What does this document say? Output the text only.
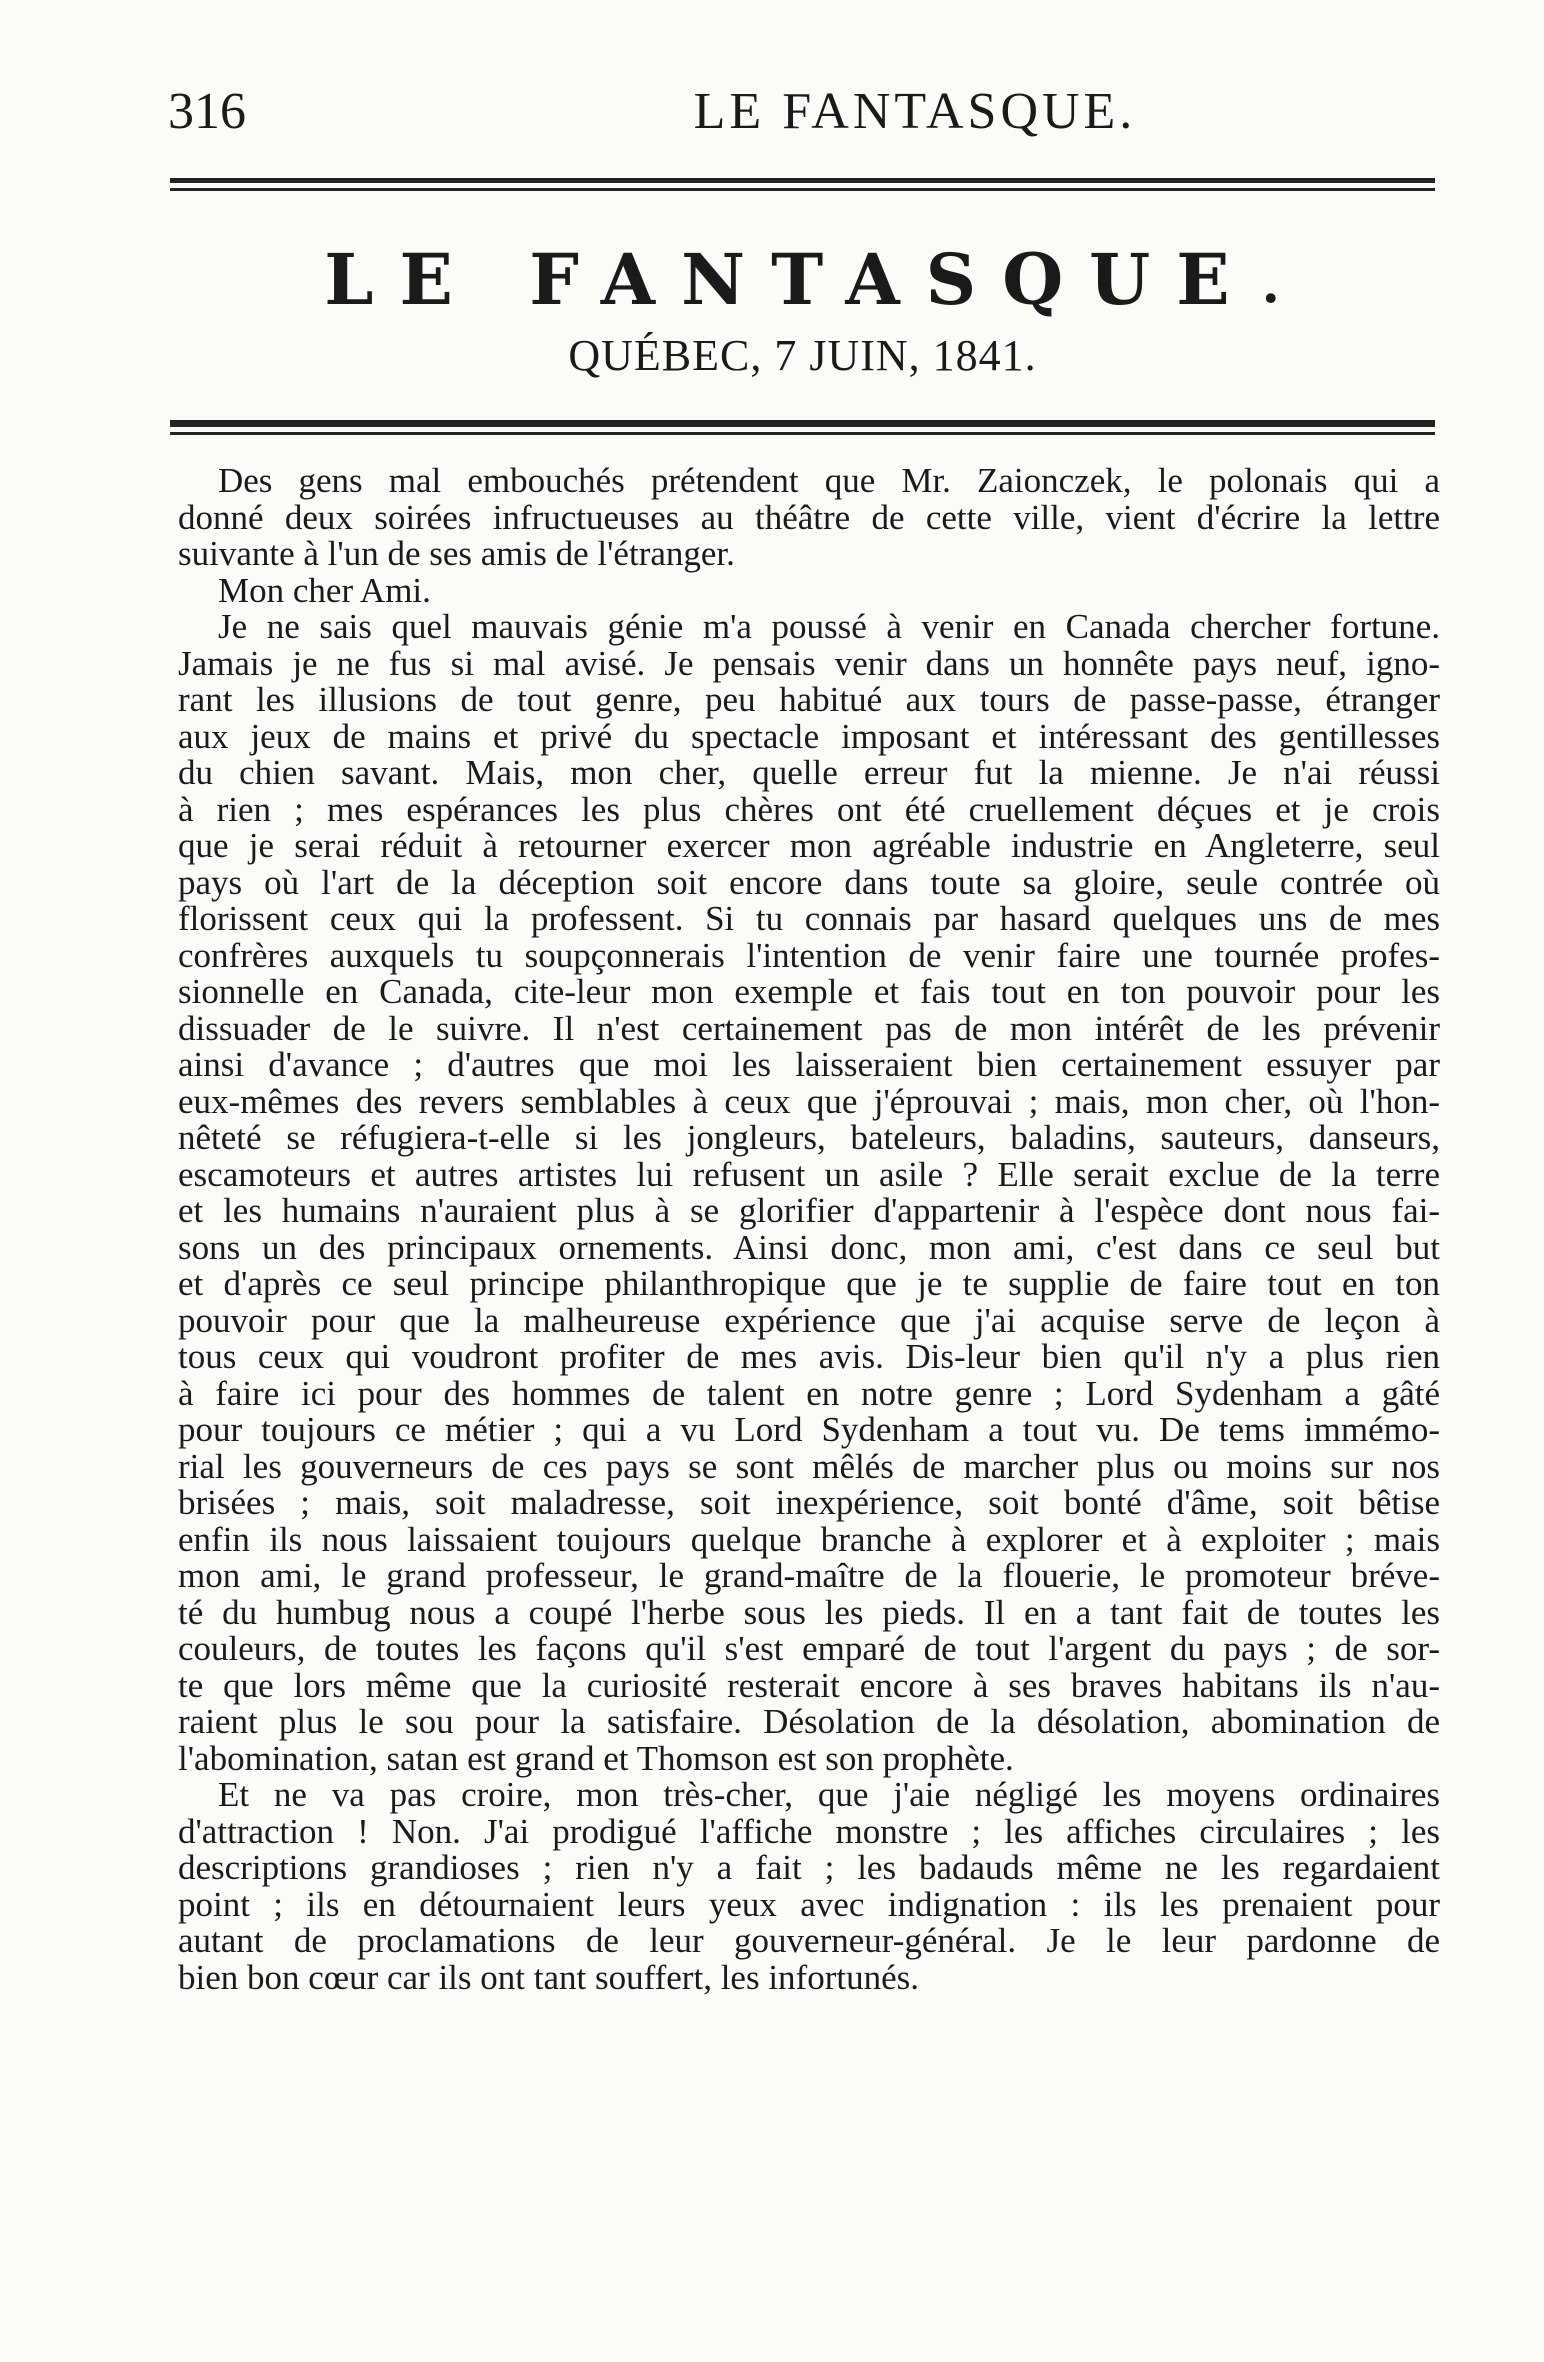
316	LE FANTASQUE.
LE FANTASQUE •
QUÉBEC, 7 JUIN, 1841.
Des gens mal embouchés prétendent que Mr. Zaionczek, le polonais qui a
donné deux soirées infructueuses au théâtre de cette ville, vient d'écrire la lettre
suivante à l'un de ses amis de l'étranger.
Mon cher Ami.
Je ne sais quel mauvais génie m'a poussé à venir en Canada chercher fortune.
Jamais je ne fus si mal avisé. Je pensais venir dans un honnête pays neuf, igno-
rant les illusions de tout genre, peu habitué aux tours de passe-passe, étranger
aux jeux de mains et privé du spectacle imposant et intéressant des gentillesses
du chien savant. Mais, mon cher, quelle erreur fut la mienne. Je n'ai réussi
à rien ; mes espérances les plus chères ont été cruellement déçues et je crois
que je serai réduit à retourner exercer mon agréable industrie en Angleterre, seul
pays où l'art de la déception soit encore dans toute sa gloire, seule contrée où
florissent ceux qui la professent. Si tu connais par hasard quelques uns de mes
confrères auxquels tu soupçonnerais l'intention de venir faire une tournée profes-
sionnelle en Canada, cite-leur mon exemple et fais tout en ton pouvoir pour les
dissuader de le suivre. Il n'est certainement pas de mon intérêt de les prévenir
ainsi d'avance ; d'autres que moi les laisseraient bien certainement essuyer par
eux-mêmes des revers semblables à ceux que j'éprouvai ; mais, mon cher, où l'hon-
nêteté se réfugiera-t-elle si les jongleurs, bateleurs, baladins, sauteurs, danseurs,
escamoteurs et autres artistes lui refusent un asile ? Elle serait exclue de la terre
et les humains n'auraient plus à se glorifier d'appartenir à l'espèce dont nous fai-
sons un des principaux ornements. Ainsi donc, mon ami, c'est dans ce seul but
et d'après ce seul principe philanthropique que je te supplie de faire tout en ton
pouvoir pour que la malheureuse expérience que j'ai acquise serve de leçon à
tous ceux qui voudront profiter de mes avis. Dis-leur bien qu'il n'y a plus rien
à faire ici pour des hommes de talent en notre genre ; Lord Sydenham a gâté
pour toujours ce métier ; qui a vu Lord Sydenham a tout vu. De tems immémo-
rial les gouverneurs de ces pays se sont mêlés de marcher plus ou moins sur nos
brisées ; mais, soit maladresse, soit inexpérience, soit bonté d'âme, soit bêtise
enfin ils nous laissaient toujours quelque branche à explorer et à exploiter ; mais
mon ami, le grand professeur, le grand-maître de la flouerie, le promoteur bréve-
té du humbug nous a coupé l'herbe sous les pieds. Il en a tant fait de toutes les
couleurs, de toutes les façons qu'il s'est emparé de tout l'argent du pays ; de sor-
te que lors même que la curiosité resterait encore à ses braves habitans ils n'au-
raient plus le sou pour la satisfaire. Désolation de la désolation, abomination de
l'abomination, satan est grand et Thomson est son prophète.
Et ne va pas croire, mon très-cher, que j'aie négligé les moyens ordinaires
d'attraction ! Non. J'ai prodigué l'affiche monstre ; les affiches circulaires ; les
descriptions grandioses ; rien n'y a fait ; les badauds même ne les regardaient
point ; ils en détournaient leurs yeux avec indignation : ils les prenaient pour
autant de proclamations de leur gouverneur-général. Je le leur pardonne de
bien bon cœur car ils ont tant souffert, les infortunés.
